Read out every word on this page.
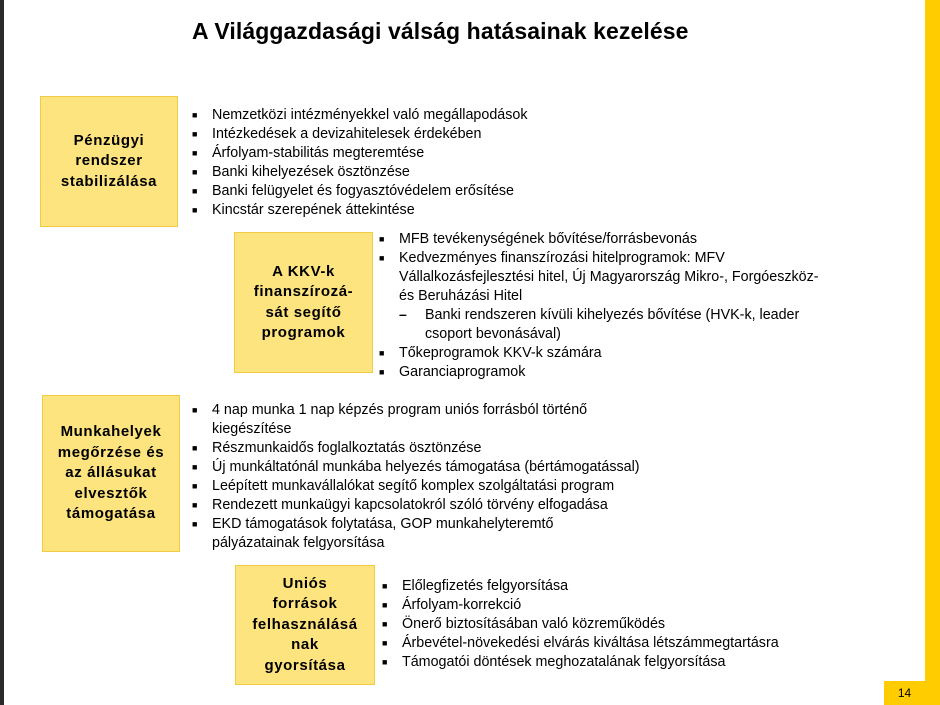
A Világgazdasági válság hatásainak kezelése
Pénzügyi
rendszer
stabilizálása
■ Nemzetközi intézményekkel való megállapodások
■ Intézkedések a devizahitelesek érdekében
■ Árfolyam-stabilitás megteremtése
■ Banki kihelyezések ösztönzése
■ Banki felügyelet és fogyasztóvédelem erősítése
■ Kincstár szerepének áttekintése
A KKV-k
finanszírozá-
sát segítő
programok
■ MFB tevékenységének bővítése/forrásbevonás
■ Kedvezményes finanszírozási hitelprogramok: MFV
Vállalkozásfejlesztési hitel, Új Magyarország Mikro-, Forgóeszköz-
és Beruházási Hitel
– Banki rendszeren kívüli kihelyezés bővítése (HVK-k, leader
csoport bevonásával)
■ Tőkeprogramok KKV-k számára
■ Garanciaprogramok
Munkahelyek
megőrzése és
az állásukat
elvesztők
támogatása
■ 4 nap munka 1 nap képzés program uniós forrásból történő
kiegészítése
■ Részmunkaidős foglalkoztatás ösztönzése
■ Új munkáltatónál munkába helyezés támogatása (bértámogatással)
■ Leépített munkavállalókat segítő komplex szolgáltatási program
■ Rendezett munkaügyi kapcsolatokról szóló törvény elfogadása
■ EKD támogatások folytatása, GOP munkahelyteremtő
pályázatainak felgyorsítása
Uniós
források
felhasználásá
nak
gyorsítása
■ Előlegfizetés felgyorsítása
■ Árfolyam-korrekció
■ Önerő biztosításában való közreműködés
■ Árbevétel-növekedési elvárás kiváltása létszámmegtartásra
■ Támogatói döntések meghozatalának felgyorsítása
14
